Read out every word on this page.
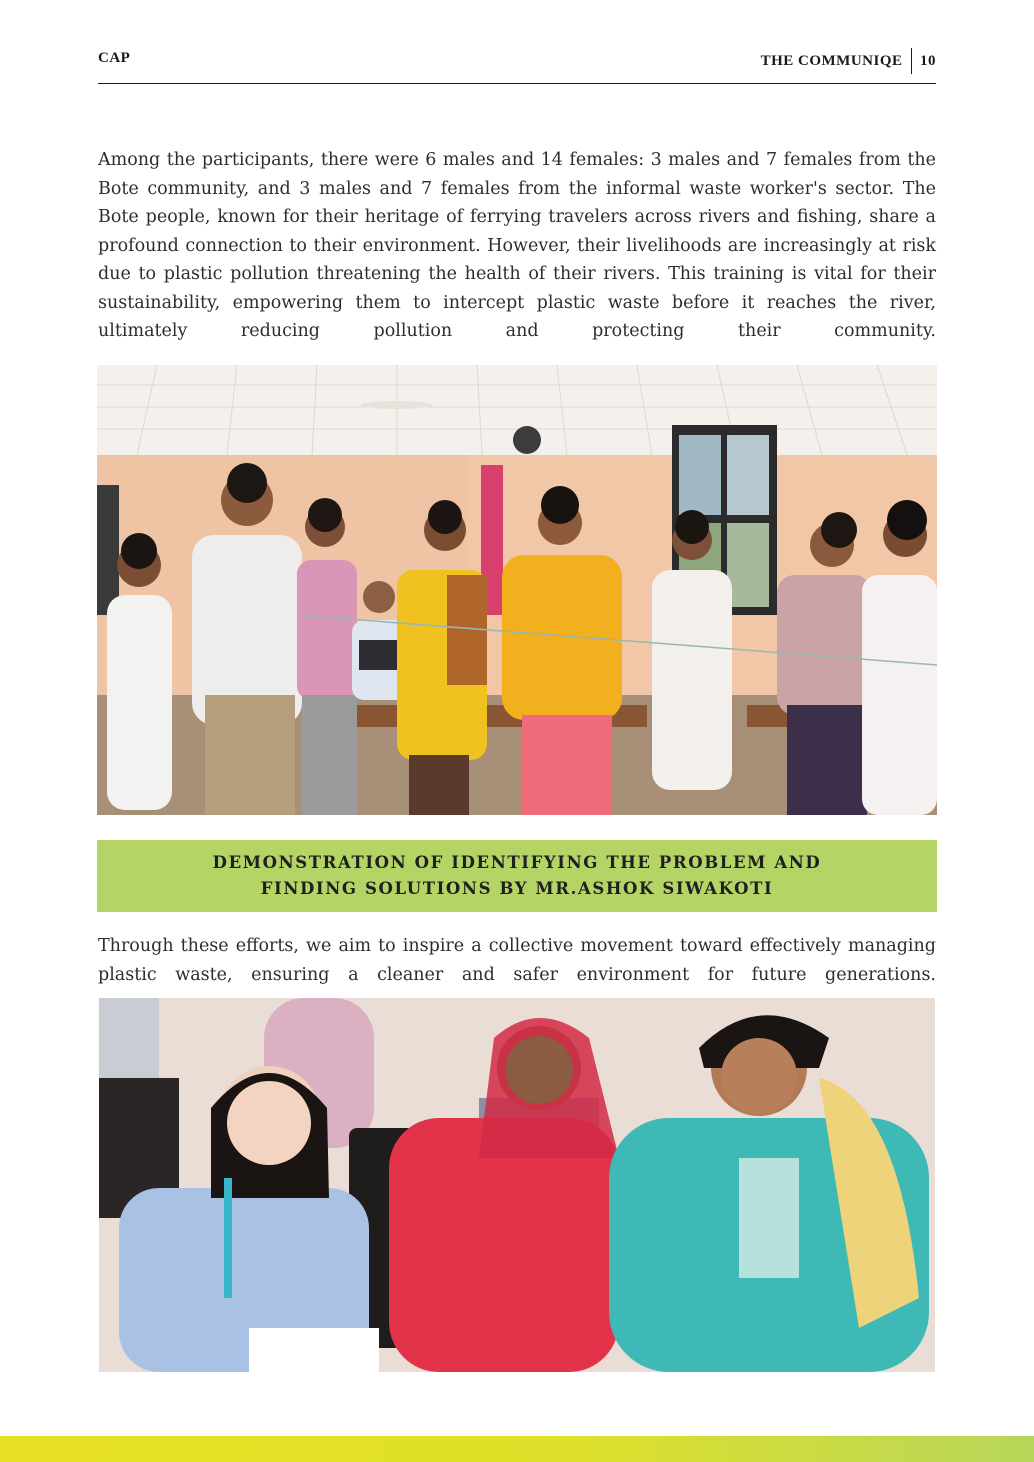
CAP	THE COMMUNIQE 10

Among the participants, there were 6 males and 14 females: 3 males and 7 females from the Bote community, and 3 males and 7 females from the informal waste worker's sector. The Bote people, known for their heritage of ferrying travelers across rivers and fishing, share a profound connection to their environment. However, their livelihoods are increasingly at risk due to plastic pollution threatening the health of their rivers. This training is vital for their sustainability, empowering them to intercept plastic waste before it reaches the river, ultimately reducing pollution and protecting their community.

DEMONSTRATION OF IDENTIFYING THE PROBLEM AND
FINDING SOLUTIONS BY MR.ASHOK SIWAKOTI

Through these efforts, we aim to inspire a collective movement toward effectively managing plastic waste, ensuring a cleaner and safer environment for future generations.
